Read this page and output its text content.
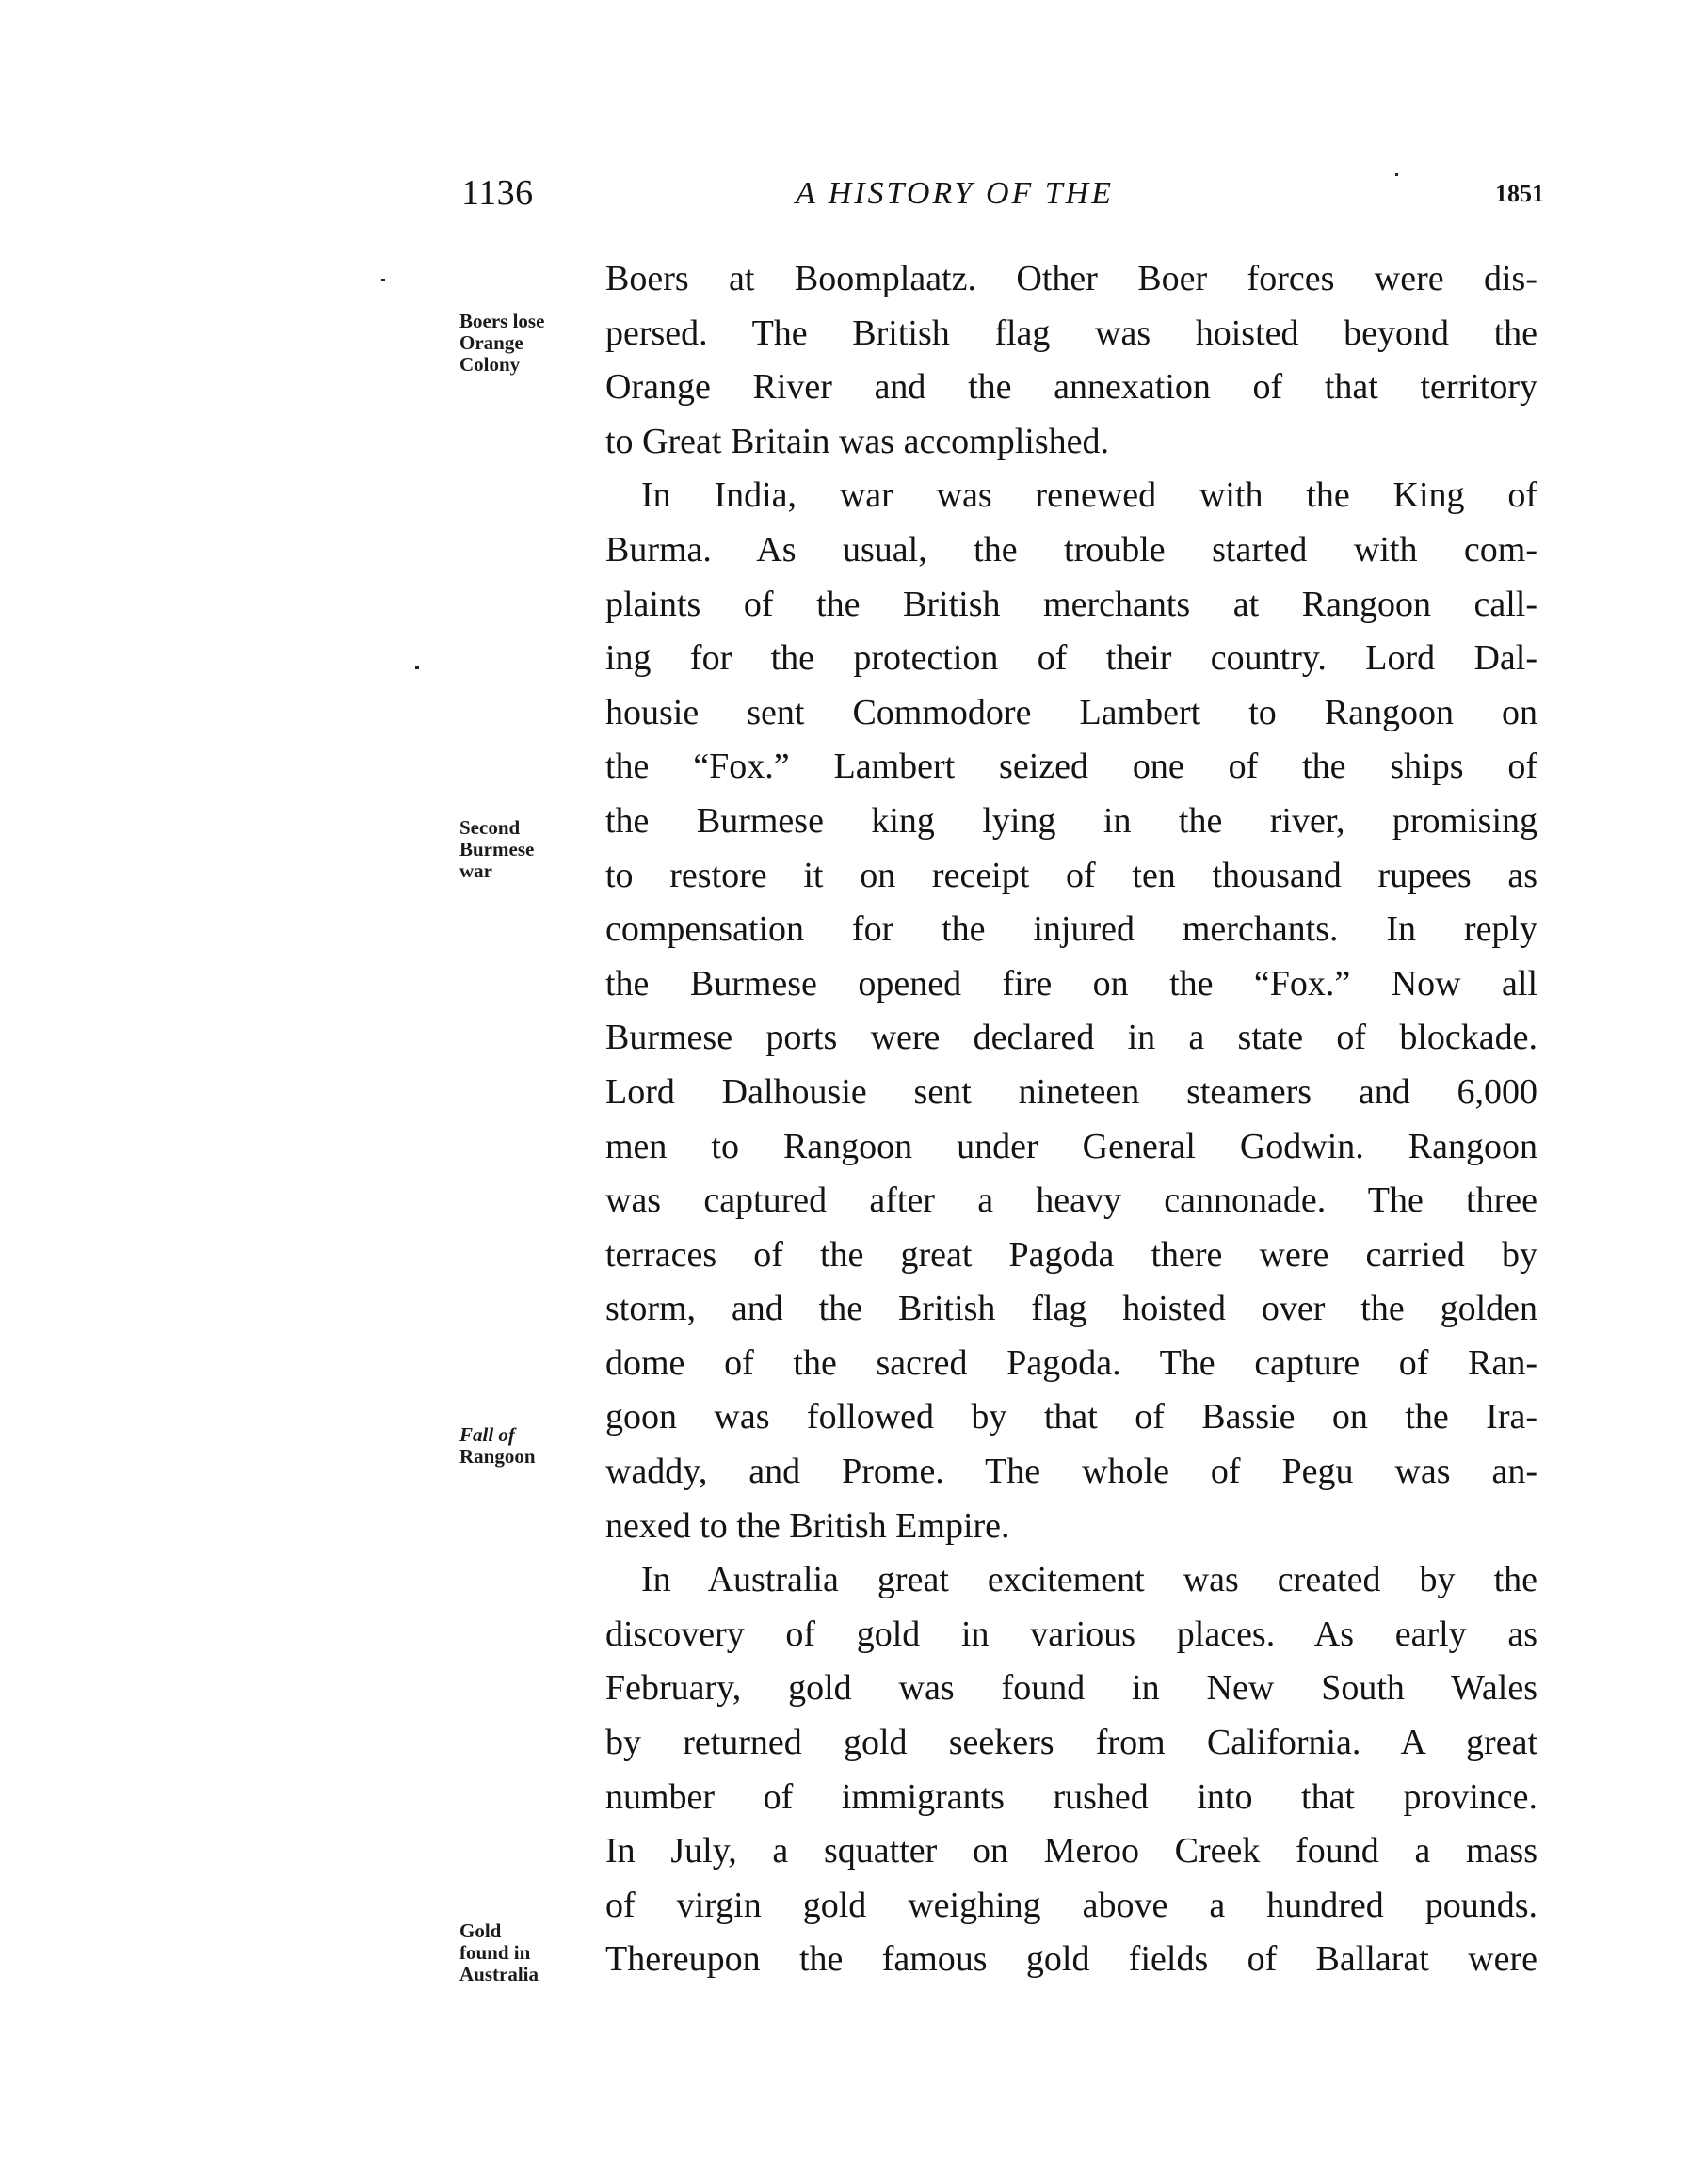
1136	A HISTORY OF THE	1851
Boers lose
Orange
Colony
Second
Burmese
war
Fall of
Rangoon
Gold
found in
Australia
Boers at Boomplaatz. Other Boer forces were dis-
persed. The British flag was hoisted beyond the
Orange River and the annexation of that territory
to Great Britain was accomplished.
In India, war was renewed with the King of
Burma. As usual, the trouble started with com-
plaints of the British merchants at Rangoon call-
ing for the protection of their country. Lord Dal-
housie sent Commodore Lambert to Rangoon on
the “Fox.” Lambert seized one of the ships of
the Burmese king lying in the river, promising
to restore it on receipt of ten thousand rupees as
compensation for the injured merchants. In reply
the Burmese opened fire on the “Fox.” Now all
Burmese ports were declared in a state of blockade.
Lord Dalhousie sent nineteen steamers and 6,000
men to Rangoon under General Godwin. Rangoon
was captured after a heavy cannonade. The three
terraces of the great Pagoda there were carried by
storm, and the British flag hoisted over the golden
dome of the sacred Pagoda. The capture of Ran-
goon was followed by that of Bassie on the Ira-
waddy, and Prome. The whole of Pegu was an-
nexed to the British Empire.
In Australia great excitement was created by the
discovery of gold in various places. As early as
February, gold was found in New South Wales
by returned gold seekers from California. A great
number of immigrants rushed into that province.
In July, a squatter on Meroo Creek found a mass
of virgin gold weighing above a hundred pounds.
Thereupon the famous gold fields of Ballarat were
